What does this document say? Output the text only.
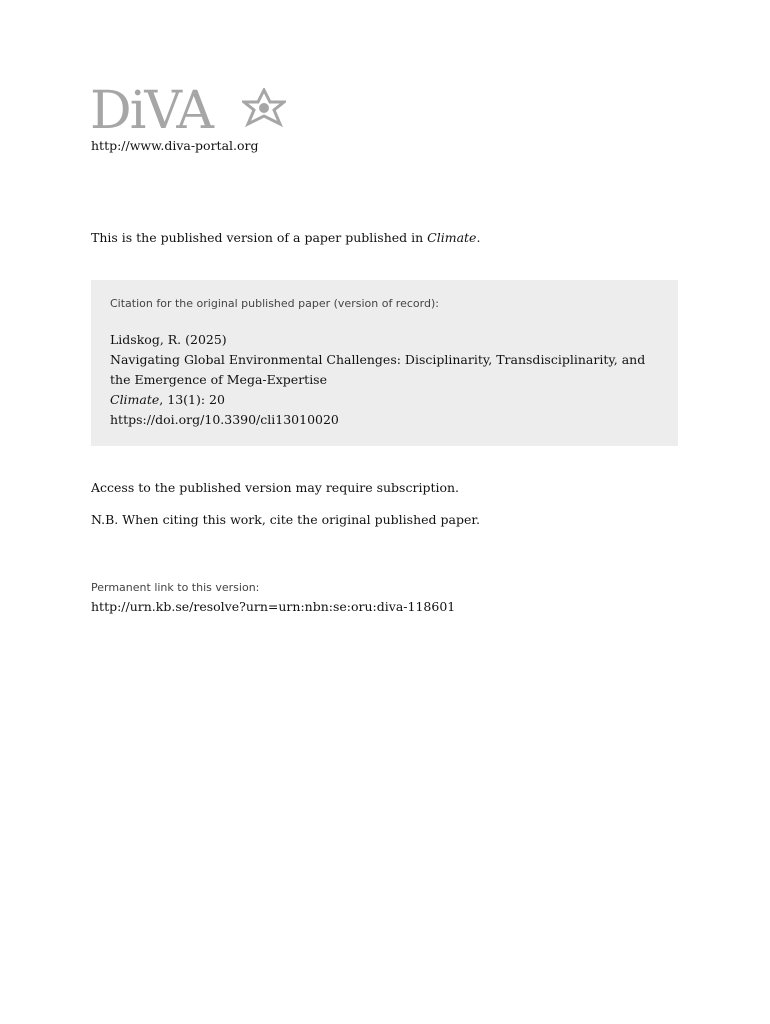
DiVA
http://www.diva-portal.org
This is the published version of a paper published in Climate.
Citation for the original published paper (version of record):
Lidskog, R. (2025)
Navigating Global Environmental Challenges: Disciplinarity, Transdisciplinarity, and
the Emergence of Mega-Expertise
Climate, 13(1): 20
https://doi.org/10.3390/cli13010020
Access to the published version may require subscription.
N.B. When citing this work, cite the original published paper.
Permanent link to this version:
http://urn.kb.se/resolve?urn=urn:nbn:se:oru:diva-118601
